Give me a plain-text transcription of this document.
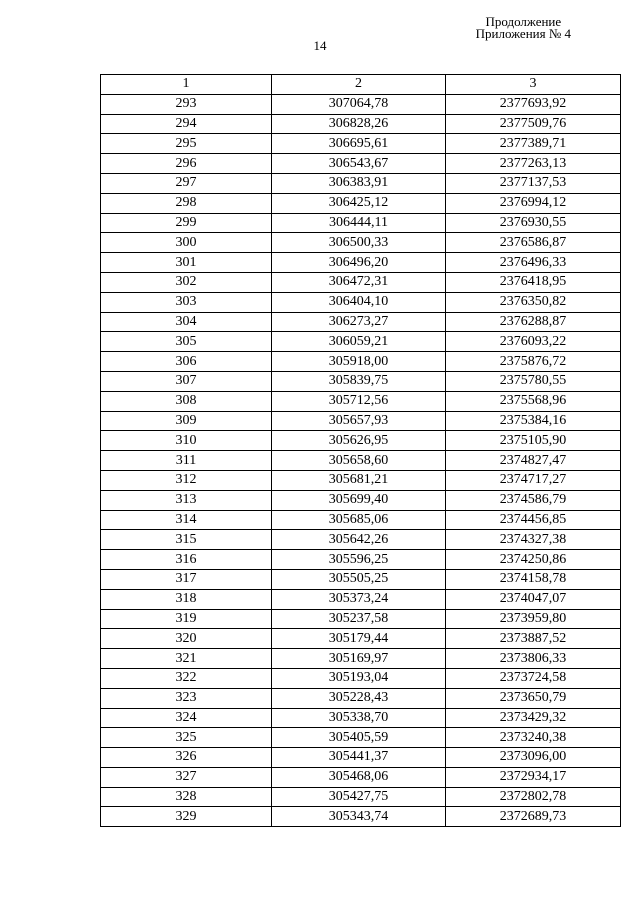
Продолжение
Приложения № 4
14
1	2	3
293	307064,78	2377693,92
294	306828,26	2377509,76
295	306695,61	2377389,71
296	306543,67	2377263,13
297	306383,91	2377137,53
298	306425,12	2376994,12
299	306444,11	2376930,55
300	306500,33	2376586,87
301	306496,20	2376496,33
302	306472,31	2376418,95
303	306404,10	2376350,82
304	306273,27	2376288,87
305	306059,21	2376093,22
306	305918,00	2375876,72
307	305839,75	2375780,55
308	305712,56	2375568,96
309	305657,93	2375384,16
310	305626,95	2375105,90
311	305658,60	2374827,47
312	305681,21	2374717,27
313	305699,40	2374586,79
314	305685,06	2374456,85
315	305642,26	2374327,38
316	305596,25	2374250,86
317	305505,25	2374158,78
318	305373,24	2374047,07
319	305237,58	2373959,80
320	305179,44	2373887,52
321	305169,97	2373806,33
322	305193,04	2373724,58
323	305228,43	2373650,79
324	305338,70	2373429,32
325	305405,59	2373240,38
326	305441,37	2373096,00
327	305468,06	2372934,17
328	305427,75	2372802,78
329	305343,74	2372689,73
